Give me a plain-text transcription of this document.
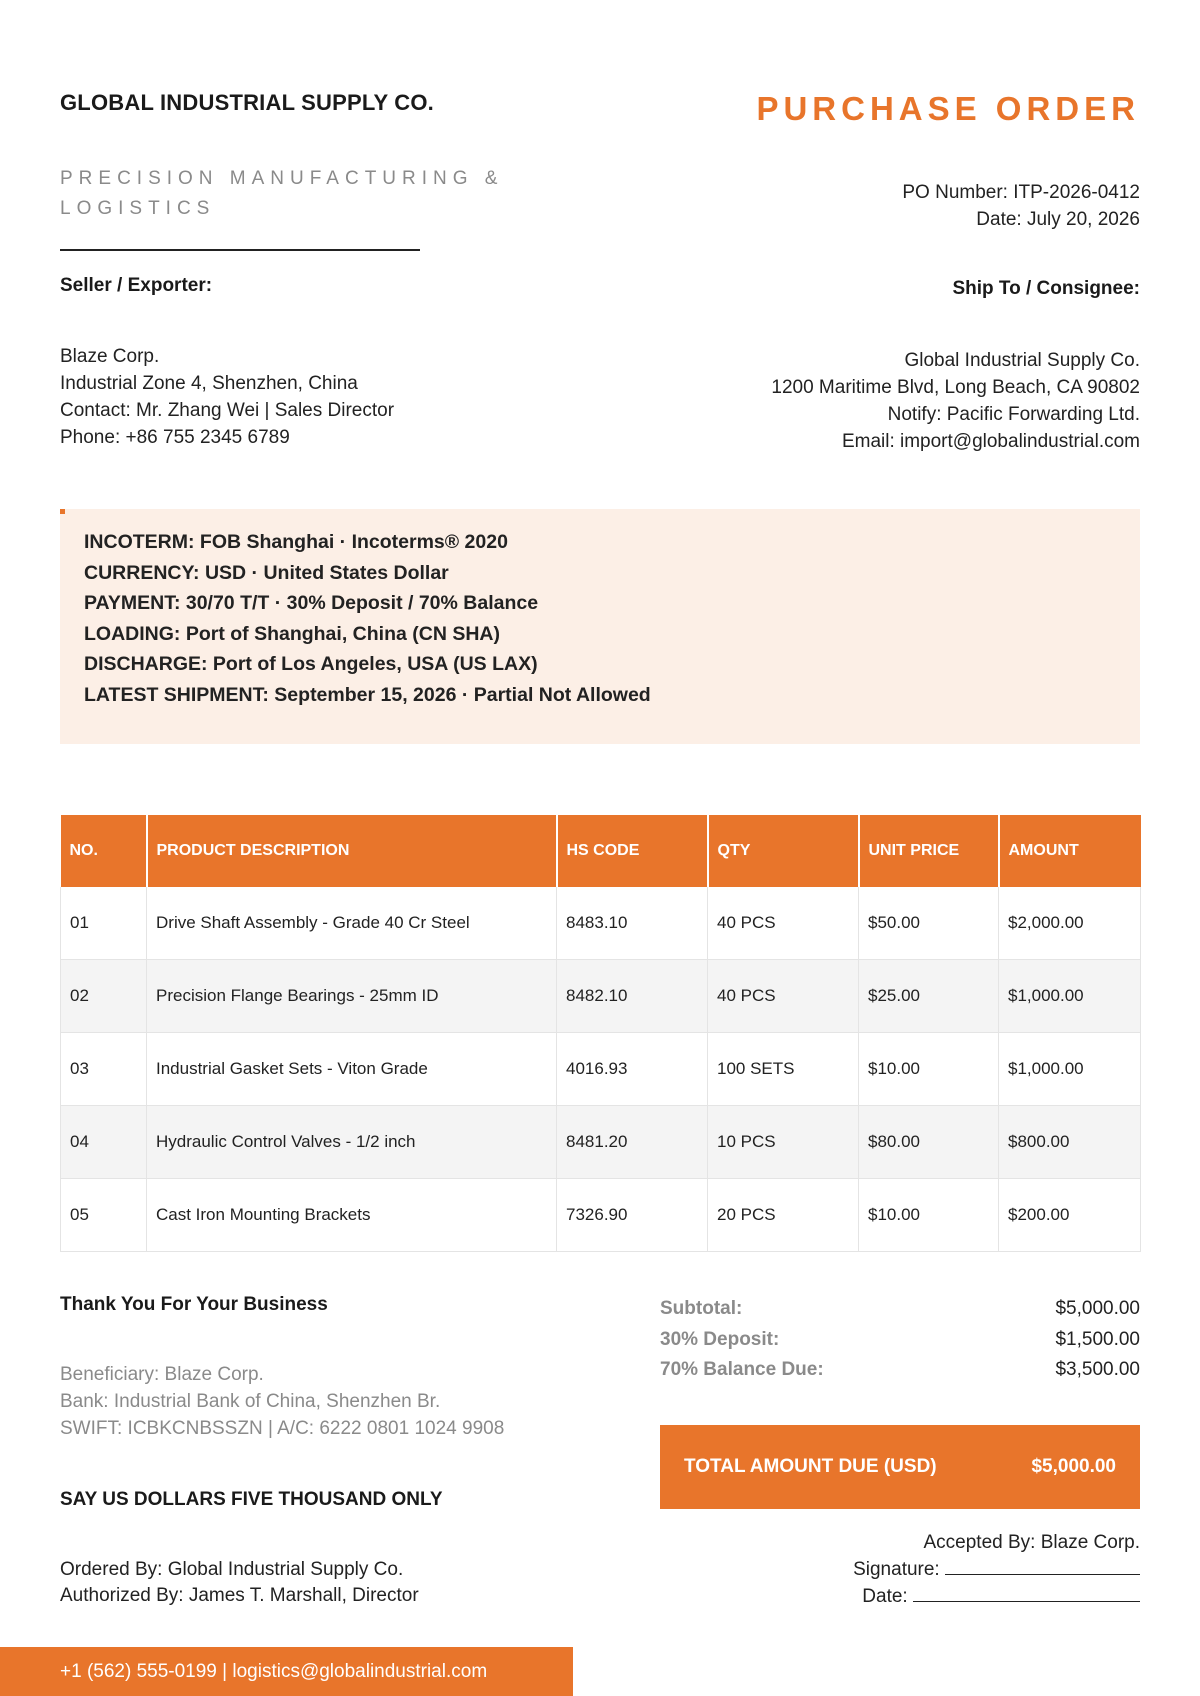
GLOBAL INDUSTRIAL SUPPLY CO.
PRECISION MANUFACTURING & LOGISTICS
PURCHASE ORDER
PO Number: ITP-2026-0412
Date: July 20, 2026
Seller / Exporter:
Blaze Corp.
Industrial Zone 4, Shenzhen, China
Contact: Mr. Zhang Wei | Sales Director
Phone: +86 755 2345 6789
Ship To / Consignee:
Global Industrial Supply Co.
1200 Maritime Blvd, Long Beach, CA 90802
Notify: Pacific Forwarding Ltd.
Email: import@globalindustrial.com
INCOTERM: FOB Shanghai · Incoterms® 2020
CURRENCY: USD · United States Dollar
PAYMENT: 30/70 T/T · 30% Deposit / 70% Balance
LOADING: Port of Shanghai, China (CN SHA)
DISCHARGE: Port of Los Angeles, USA (US LAX)
LATEST SHIPMENT: September 15, 2026 · Partial Not Allowed
NO.	PRODUCT DESCRIPTION	HS CODE	QTY	UNIT PRICE	AMOUNT
01	Drive Shaft Assembly - Grade 40 Cr Steel	8483.10	40 PCS	$50.00	$2,000.00
02	Precision Flange Bearings - 25mm ID	8482.10	40 PCS	$25.00	$1,000.00
03	Industrial Gasket Sets - Viton Grade	4016.93	100 SETS	$10.00	$1,000.00
04	Hydraulic Control Valves - 1/2 inch	8481.20	10 PCS	$80.00	$800.00
05	Cast Iron Mounting Brackets	7326.90	20 PCS	$10.00	$200.00
Thank You For Your Business
Beneficiary: Blaze Corp.
Bank: Industrial Bank of China, Shenzhen Br.
SWIFT: ICBKCNBSSZN | A/C: 6222 0801 1024 9908
SAY US DOLLARS FIVE THOUSAND ONLY
Ordered By: Global Industrial Supply Co.
Authorized By: James T. Marshall, Director
Subtotal:	$5,000.00
30% Deposit:	$1,500.00
70% Balance Due:	$3,500.00
TOTAL AMOUNT DUE (USD)	$5,000.00
Accepted By: Blaze Corp.
Signature:
Date:
+1 (562) 555-0199 | logistics@globalindustrial.com
